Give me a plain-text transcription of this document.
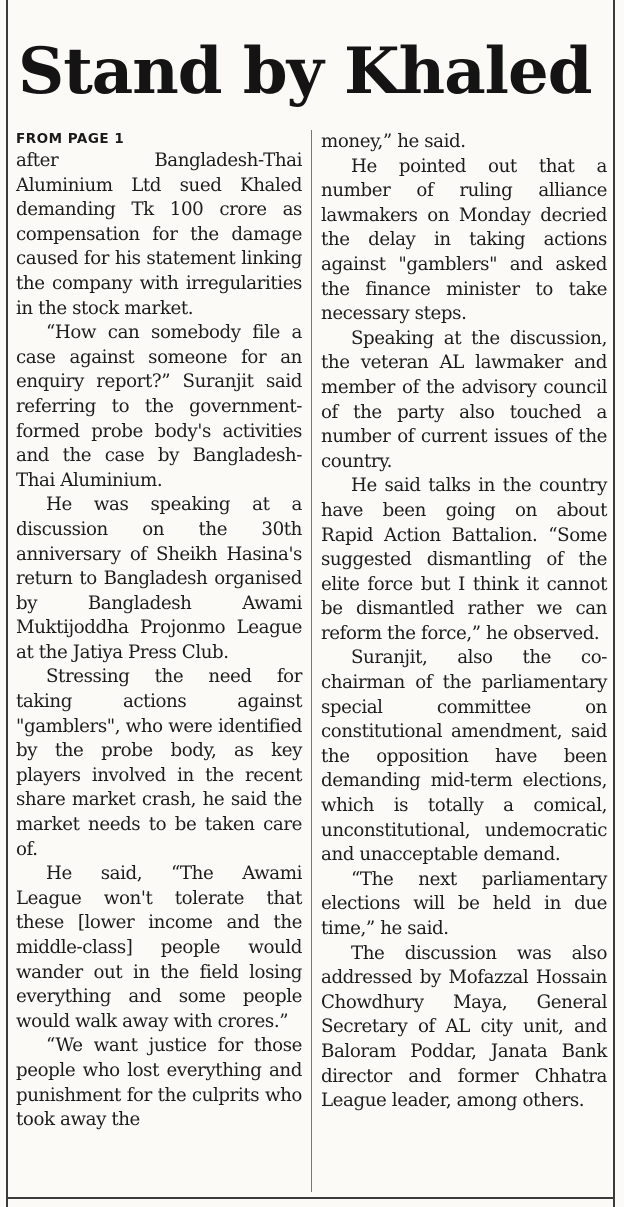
Stand by Khaled
FROM PAGE 1

after Bangladesh-Thai Aluminium Ltd sued Khaled demanding Tk 100 crore as compensation for the damage caused for his statement linking the company with irregularities in the stock market.

“How can somebody file a case against someone for an enquiry report?” Suranjit said referring to the government-formed probe body's activities and the case by Bangladesh-Thai Aluminium.

He was speaking at a discussion on the 30th anniversary of Sheikh Hasina's return to Bangladesh organised by Bangladesh Awami Muktijoddha Projonmo League at the Jatiya Press Club.

Stressing the need for taking actions against "gamblers", who were identified by the probe body, as key players involved in the recent share market crash, he said the market needs to be taken care of.

He said, “The Awami League won't tolerate that these [lower income and the middle-class] people would wander out in the field losing everything and some people would walk away with crores.”

“We want justice for those people who lost everything and punishment for the culprits who took away the

money,” he said.

He pointed out that a number of ruling alliance lawmakers on Monday decried the delay in taking actions against "gamblers" and asked the finance minister to take necessary steps.

Speaking at the discussion, the veteran AL lawmaker and member of the advisory council of the party also touched a number of current issues of the country.

He said talks in the country have been going on about Rapid Action Battalion. “Some suggested dismantling of the elite force but I think it cannot be dismantled rather we can reform the force,” he observed.

Suranjit, also the co-chairman of the parliamentary special committee on constitutional amendment, said the opposition have been demanding mid-term elections, which is totally a comical, unconstitutional, undemocratic and unacceptable demand.

“The next parliamentary elections will be held in due time,” he said.

The discussion was also addressed by Mofazzal Hossain Chowdhury Maya, General Secretary of AL city unit, and Baloram Poddar, Janata Bank director and former Chhatra League leader, among others.
